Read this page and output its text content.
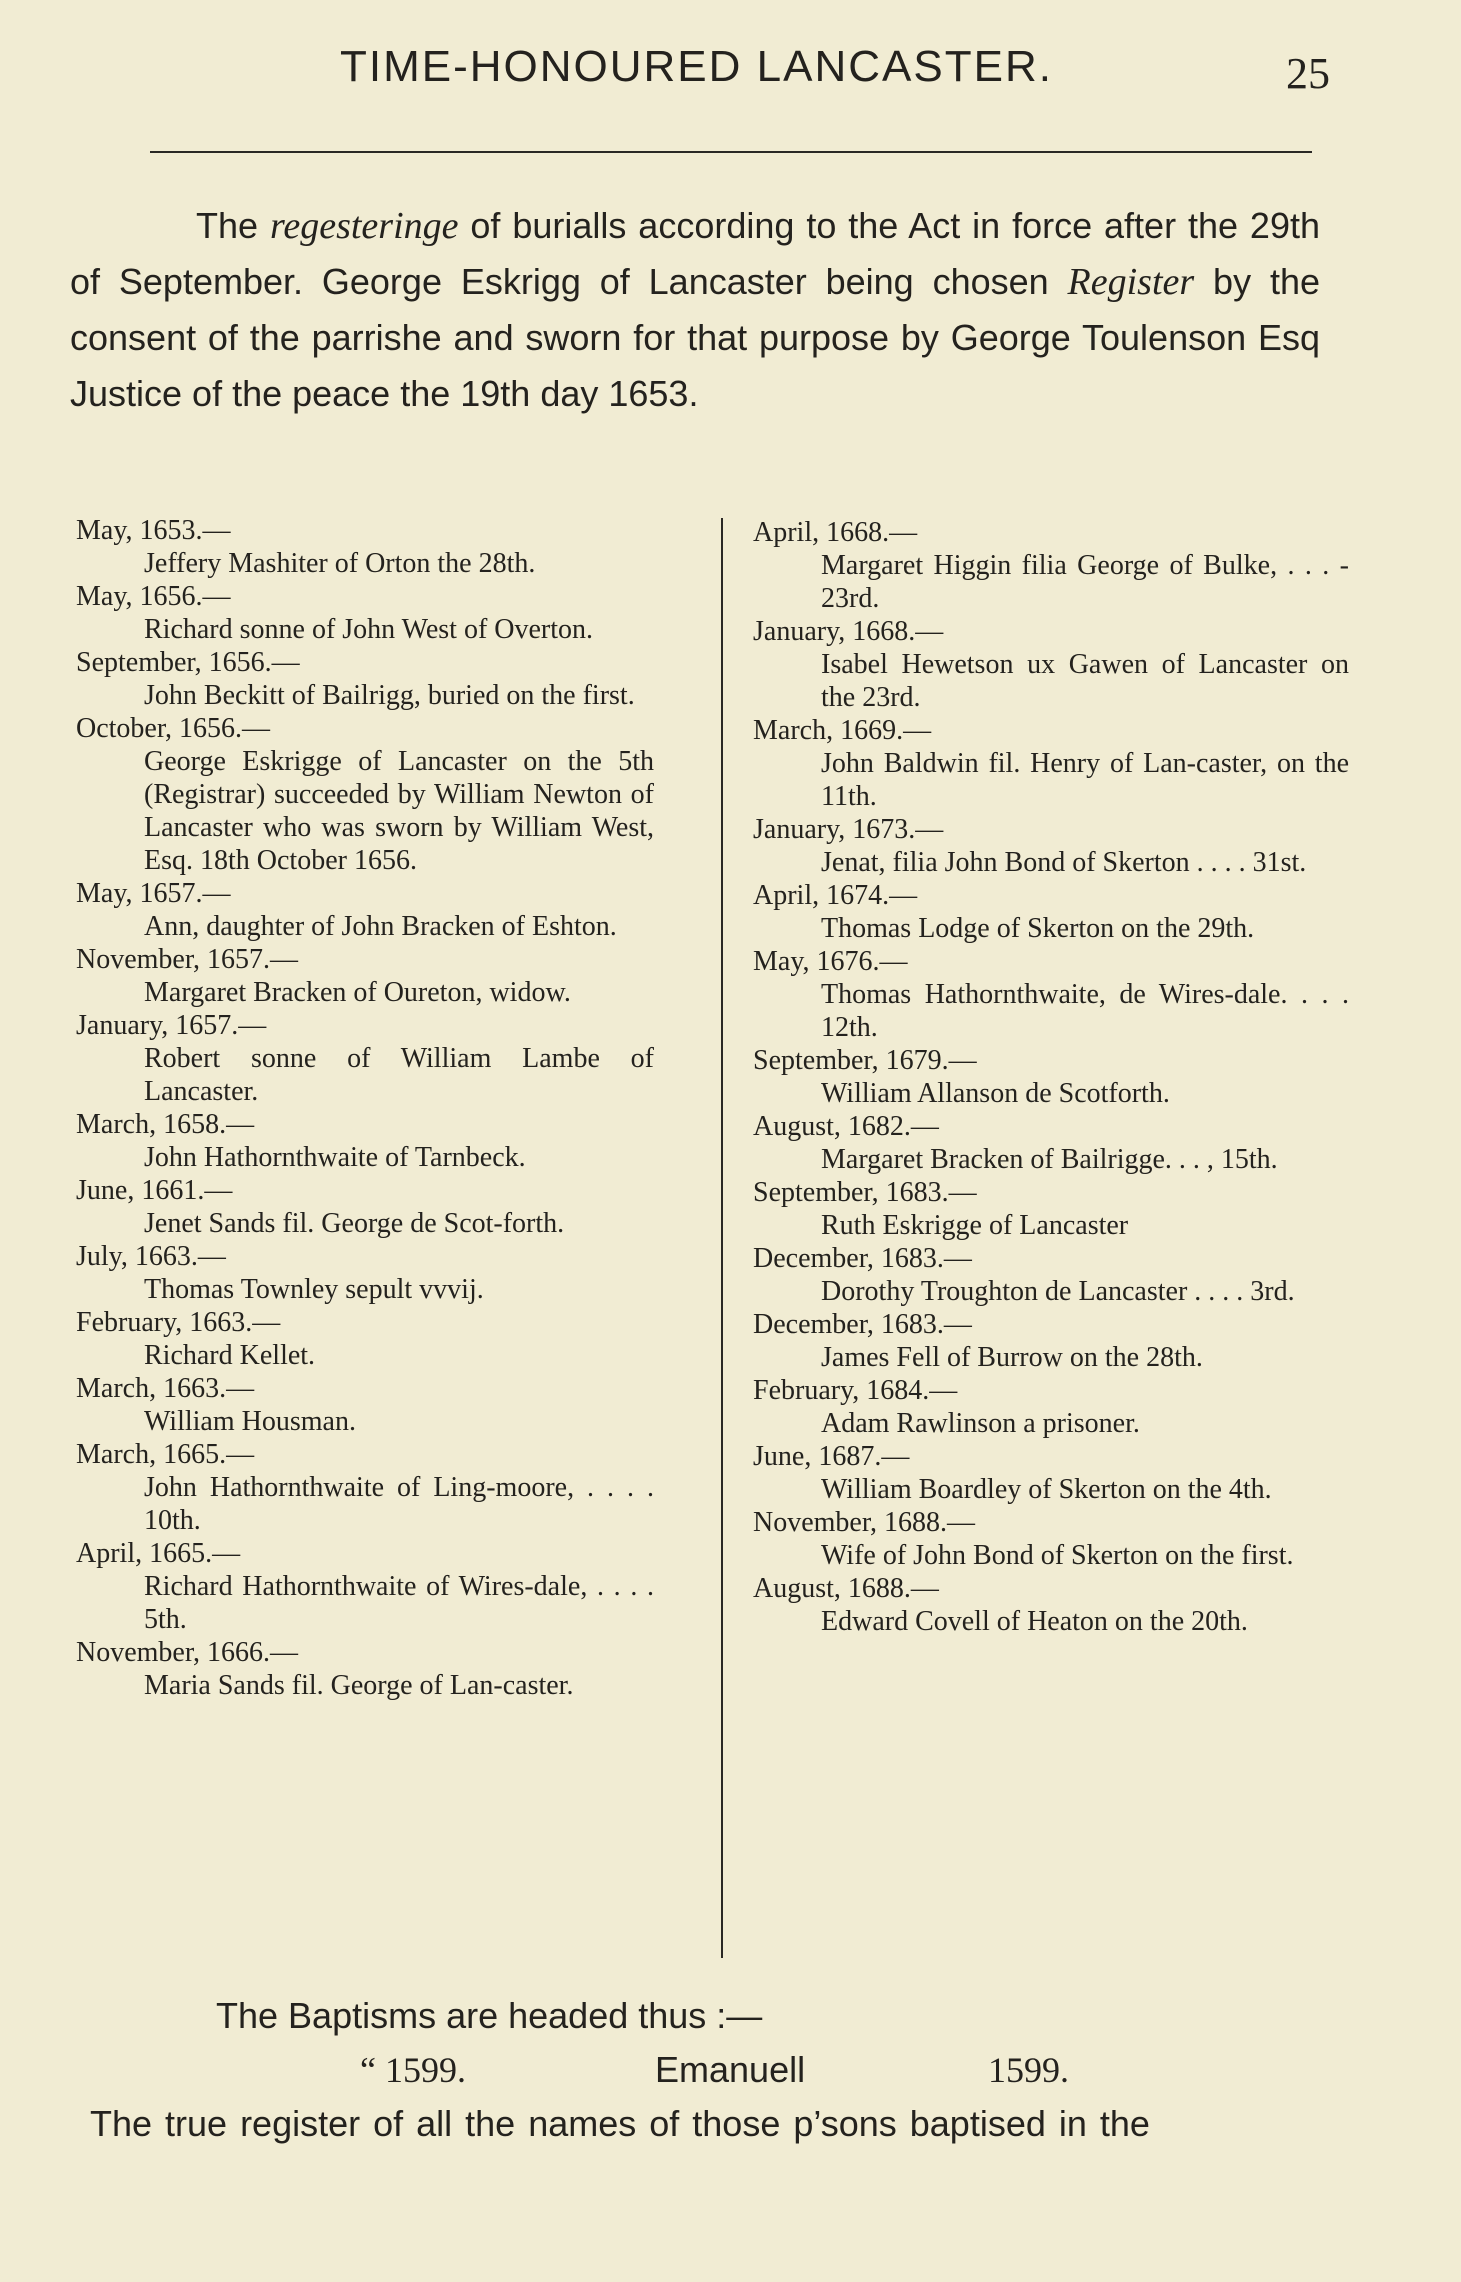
TIME-HONOURED LANCASTER.	25
The regesteringe of burialls according to the Act in force after the 29th of September. George Eskrigg of Lancaster being chosen Register by the consent of the parrishe and sworn for that purpose by George Toulenson Esq Justice of the peace the 19th day 1653.
May, 1653.—
Jeffery Mashiter of Orton the 28th.
May, 1656.—
Richard sonne of John West of Overton.
September, 1656.—
John Beckitt of Bailrigg, buried on the first.
October, 1656.—
George Eskrigge of Lancaster on the 5th (Registrar) succeeded by William Newton of Lancaster who was sworn by William West, Esq. 18th October 1656.
May, 1657.—
Ann, daughter of John Bracken of Eshton.
November, 1657.—
Margaret Bracken of Oureton, widow.
January, 1657.—
Robert sonne of William Lambe of Lancaster.
March, 1658.—
John Hathornthwaite of Tarnbeck.
June, 1661.—
Jenet Sands fil. George de Scot-forth.
July, 1663.—
Thomas Townley sepult vvvij.
February, 1663.—
Richard Kellet.
March, 1663.—
William Housman.
March, 1665.—
John Hathornthwaite of Ling-moore, . . . . 10th.
April, 1665.—
Richard Hathornthwaite of Wires-dale, . . . . 5th.
November, 1666.—
Maria Sands fil. George of Lan-caster.
April, 1668.—
Margaret Higgin filia George of Bulke, . . . - 23rd.
January, 1668.—
Isabel Hewetson ux Gawen of Lancaster on the 23rd.
March, 1669.—
John Baldwin fil. Henry of Lan-caster, on the 11th.
January, 1673.—
Jenat, filia John Bond of Skerton . . . . 31st.
April, 1674.—
Thomas Lodge of Skerton on the 29th.
May, 1676.—
Thomas Hathornthwaite, de Wires-dale. . . . 12th.
September, 1679.—
William Allanson de Scotforth.
August, 1682.—
Margaret Bracken of Bailrigge. . . , 15th.
September, 1683.—
Ruth Eskrigge of Lancaster
December, 1683.—
Dorothy Troughton de Lancaster . . . . 3rd.
December, 1683.—
James Fell of Burrow on the 28th.
February, 1684.—
Adam Rawlinson a prisoner.
June, 1687.—
William Boardley of Skerton on the 4th.
November, 1688.—
Wife of John Bond of Skerton on the first.
August, 1688.—
Edward Covell of Heaton on the 20th.
The Baptisms are headed thus :—
“ 1599.	Emanuell	1599.
The true register of all the names of those p’sons baptised in the
